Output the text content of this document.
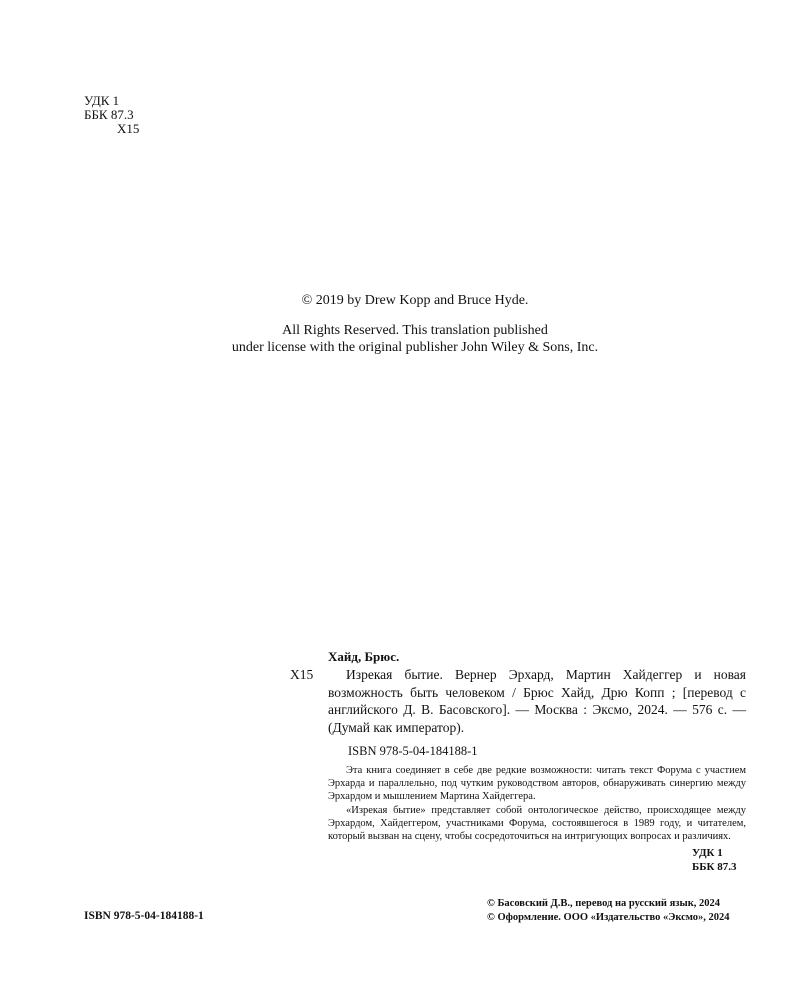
УДК 1
ББК 87.3
Х15

© 2019 by Drew Kopp and Bruce Hyde.

All Rights Reserved. This translation published

under license with the original publisher John Wiley & Sons, Inc.

Хайд, Брюс.
Х15 Изрекая бытие. Вернер Эрхард, Мартин Хайдеггер и новая возможность быть человеком / Брюс Хайд, Дрю Копп ; [перевод с английского Д. В. Басовского]. — Москва : Эксмо, 2024. — 576 с. — (Думай как император).
ISBN 978-5-04-184188-1

Эта книга соединяет в себе две редкие возможности: читать текст Форума с участием Эрхарда и параллельно, под чутким руководством авторов, обнаруживать синергию между Эрхардом и мышлением Мартина Хайдеггера.

«Изрекая бытие» представляет собой онтологическое действо, происходящее между Эрхардом, Хайдеггером, участниками Форума, состоявшегося в 1989 году, и читателем, который вызван на сцену, чтобы сосредоточиться на интригующих вопросах и различиях.

УДК 1
ББК 87.3
ISBN 978-5-04-184188-1
© Басовский Д.В., перевод на русский язык, 2024
© Оформление. ООО «Издательство «Эксмо», 2024
